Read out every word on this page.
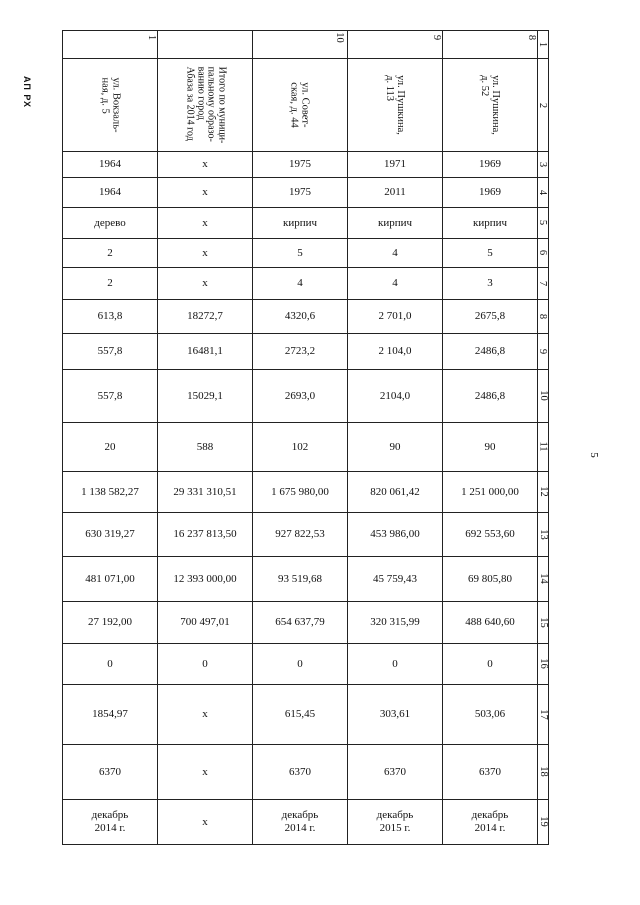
АП РХ
5
1		10	9	8	1
ул. Вокзаль-
ная, д. 5	Итого по муници-
пальному образо-
ванию город
Абаза за 2014 год	ул. Совет-
ская, д. 44	ул. Пушкина,
д. 113	ул. Пушкина,
д. 52	2
1964	x	1975	1971	1969	3
1964	x	1975	2011	1969	4
дерево	x	кирпич	кирпич	кирпич	5
2	x	5	4	5	6
2	x	4	4	3	7
613,8	18272,7	4320,6	2 701,0	2675,8	8
557,8	16481,1	2723,2	2 104,0	2486,8	9
557,8	15029,1	2693,0	2104,0	2486,8	10
20	588	102	90	90	11
1 138 582,27	29 331 310,51	1 675 980,00	820 061,42	1 251 000,00	12
630 319,27	16 237 813,50	927 822,53	453 986,00	692 553,60	13
481 071,00	12 393 000,00	93 519,68	45 759,43	69 805,80	14
27 192,00	700 497,01	654 637,79	320 315,99	488 640,60	15
0	0	0	0	0	16
1854,97	x	615,45	303,61	503,06	17
6370	x	6370	6370	6370	18
декабрь
2014 г.	x	декабрь
2014 г.	декабрь
2015 г.	декабрь
2014 г.	19
